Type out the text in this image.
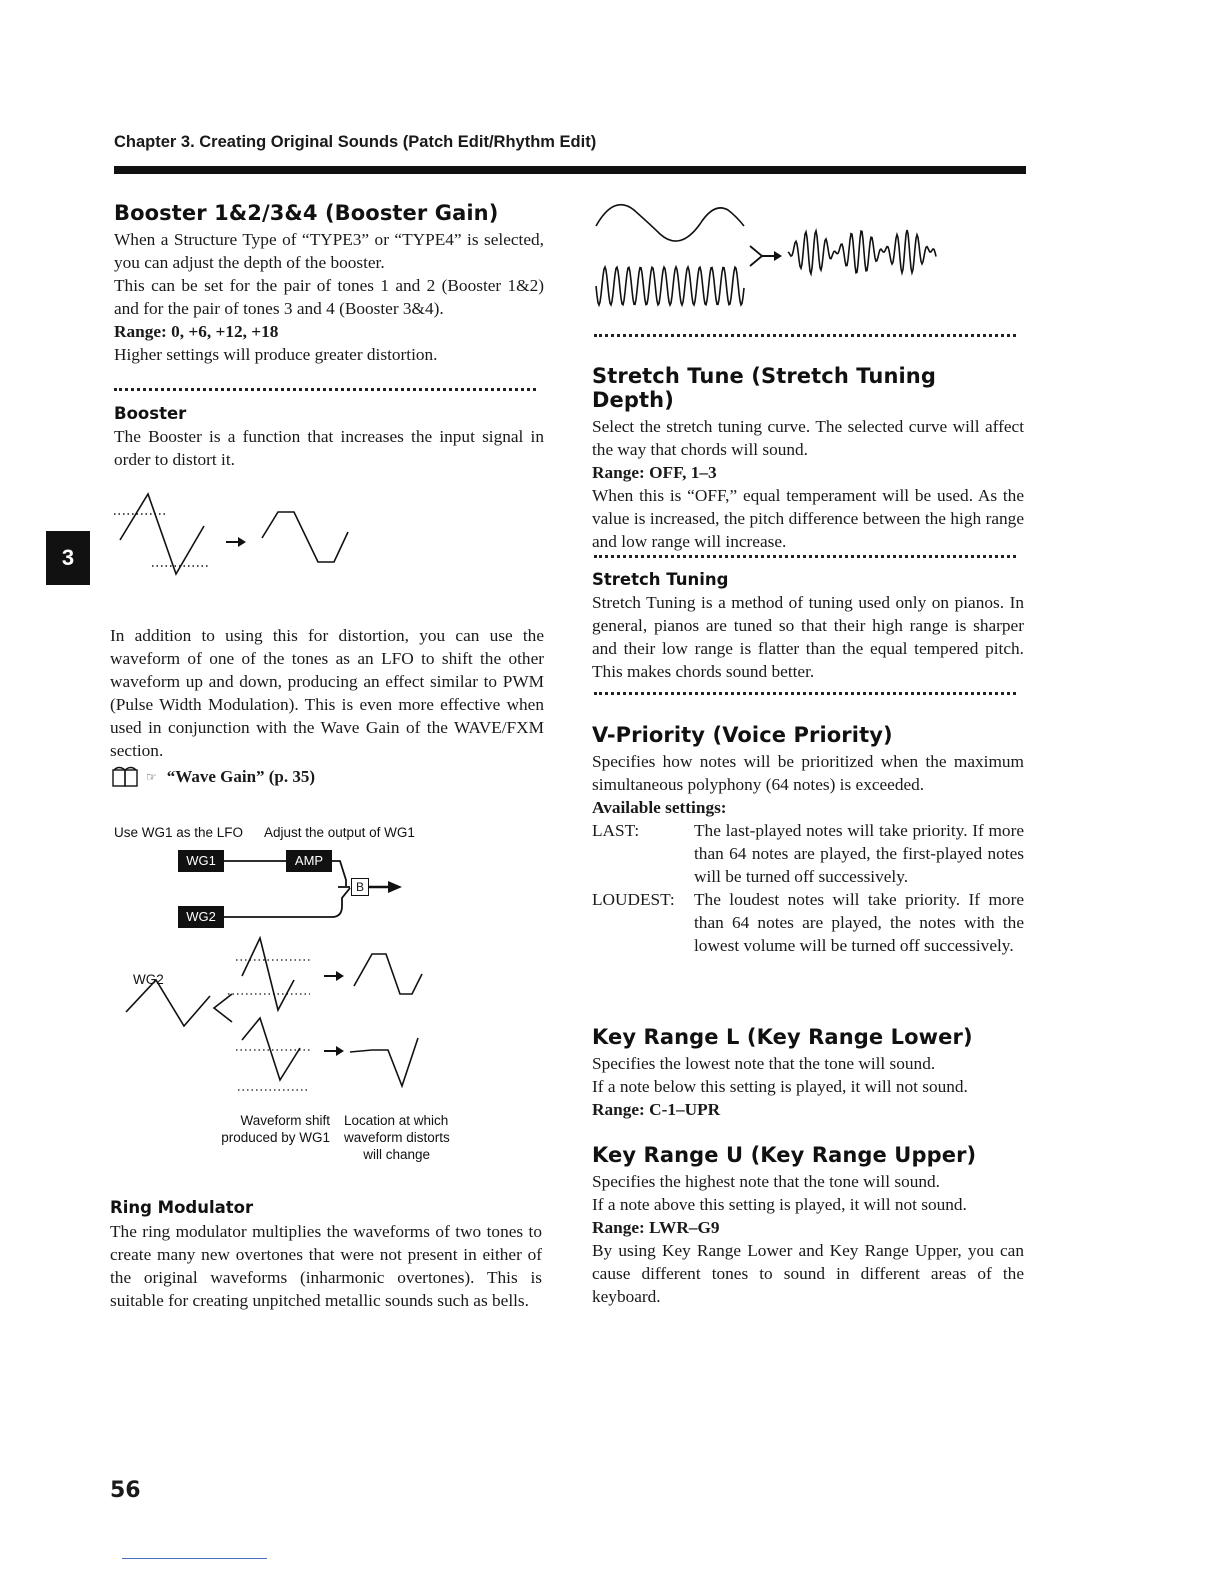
Chapter 3. Creating Original Sounds (Patch Edit/Rhythm Edit)
3
Booster 1&2/3&4 (Booster Gain)

When a Structure Type of “TYPE3” or “TYPE4” is selected, you can adjust the depth of the booster.

This can be set for the pair of tones 1 and 2 (Booster 1&2) and for the pair of tones 3 and 4 (Booster 3&4).

Range: 0, +6, +12, +18

Higher settings will produce greater distortion.

Booster

The Booster is a function that increases the input signal in order to distort it.

In addition to using this for distortion, you can use the waveform of one of the tones as an LFO to shift the other waveform up and down, producing an effect similar to PWM (Pulse Width Modulation). This is even more effective when used in conjunction with the Wave Gain of the WAVE/FXM section.

☞ “Wave Gain” (p. 35)
Use WG1 as the LFO Adjust the output of WG1
WG1	AMP
WG2
B
WG2
Waveform shift
produced by WG1
Location at which
waveform distorts
will change
Ring Modulator

The ring modulator multiplies the waveforms of two tones to create many new overtones that were not present in either of the original waveforms (inharmonic overtones). This is suitable for creating unpitched metallic sounds such as bells.

Stretch Tune (Stretch Tuning Depth)

Select the stretch tuning curve. The selected curve will affect the way that chords will sound.

Range: OFF, 1–3

When this is “OFF,” equal temperament will be used. As the value is increased, the pitch difference between the high range and low range will increase.

Stretch Tuning

Stretch Tuning is a method of tuning used only on pianos. In general, pianos are tuned so that their high range is sharper and their low range is flatter than the equal tempered pitch. This makes chords sound better.

V-Priority (Voice Priority)

Specifies how notes will be prioritized when the maximum simultaneous polyphony (64 notes) is exceeded.

Available settings:

LAST:	The last-played notes will take priority. If more than 64 notes are played, the first-played notes will be turned off successively.

LOUDEST: The loudest notes will take priority. If more than 64 notes are played, the notes with the lowest volume will be turned off successively.

Key Range L (Key Range Lower)

Specifies the lowest note that the tone will sound.

If a note below this setting is played, it will not sound.

Range: C-1–UPR

Key Range U (Key Range Upper)

Specifies the highest note that the tone will sound.

If a note above this setting is played, it will not sound.

Range: LWR–G9

By using Key Range Lower and Key Range Upper, you can cause different tones to sound in different areas of the keyboard.

56
